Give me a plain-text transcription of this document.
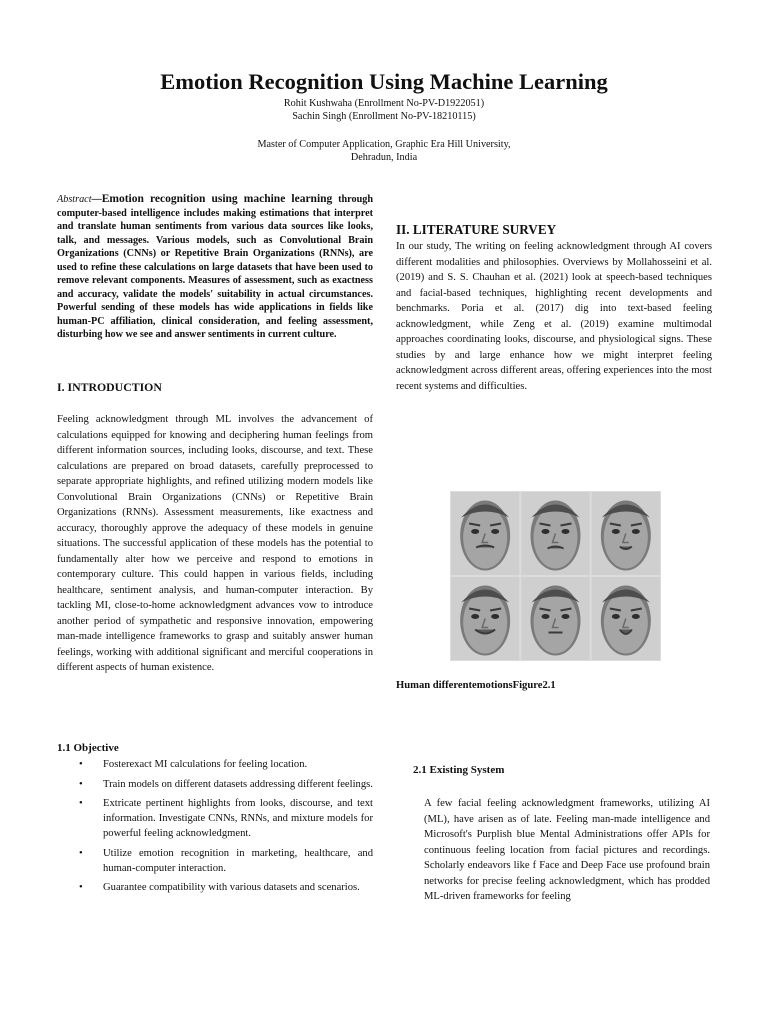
Emotion Recognition Using Machine Learning
Rohit Kushwaha (Enrollment No-PV-D1922051)
Sachin Singh (Enrollment No-PV-18210115)
Master of Computer Application, Graphic Era Hill University,
Dehradun, India
Abstract—Emotion recognition using machine learning through computer-based intelligence includes making estimations that interpret and translate human sentiments from various data sources like looks, talk, and messages. Various models, such as Convolutional Brain Organizations (CNNs) or Repetitive Brain Organizations (RNNs), are used to refine these calculations on large datasets that have been used to remove relevant components. Measures of assessment, such as exactness and accuracy, validate the models' suitability in actual circumstances. Powerful sending of these models has wide applications in fields like human-PC affiliation, clinical consideration, and feeling assessment, disturbing how we see and answer sentiments in current culture.
I. INTRODUCTION

Feeling acknowledgment through ML involves the advancement of calculations equipped for knowing and deciphering human feelings from different information sources, including looks, discourse, and text. These calculations are prepared on broad datasets, carefully preprocessed to separate appropriate highlights, and refined utilizing modern models like Convolutional Brain Organizations (CNNs) or Repetitive Brain Organizations (RNNs). Assessment measurements, like exactness and accuracy, thoroughly approve the adequacy of these models in genuine situations. The successful application of these models has the potential to fundamentally alter how we perceive and respond to emotions in contemporary culture. This could happen in various fields, including healthcare, sentiment analysis, and human-computer interaction. By tackling MI, close-to-home acknowledgment advances vow to introduce another period of sympathetic and responsive innovation, empowering man-made intelligence frameworks to grasp and suitably answer human feelings, working with additional significant and merciful cooperations in different aspects of human existence.

1.1 Objective
• Fosterexact MI calculations for feeling location.
• Train models on different datasets addressing different feelings.
• Extricate pertinent highlights from looks, discourse, and text information. Investigate CNNs, RNNs, and mixture models for powerful feeling acknowledgment.
• Utilize emotion recognition in marketing, healthcare, and human-computer interaction.
• Guarantee compatibility with various datasets and scenarios.
II. LITERATURE SURVEY

In our study, The writing on feeling acknowledgment through AI covers different modalities and philosophies. Overviews by Mollahosseini et al. (2019) and S. S. Chauhan et al. (2021) look at speech-based techniques and facial-based techniques, highlighting recent developments and benchmarks. Poria et al. (2017) dig into text-based feeling acknowledgment, while Zeng et al. (2019) examine multimodal approaches coordinating looks, discourse, and physiological signs. These studies by and large enhance how we might interpret feeling acknowledgment across different areas, offering experiences into the most recent systems and difficulties.

Human differentemotionsFigure2.1
2.1 Existing System

A few facial feeling acknowledgment frameworks, utilizing AI (ML), have arisen as of late. Feeling man-made intelligence and Microsoft's Purplish blue Mental Administrations offer APIs for continuous feeling location from facial pictures and recordings. Scholarly endeavors like f Face and Deep Face use profound brain networks for precise feeling acknowledgment, which has prodded ML-driven frameworks for feeling
